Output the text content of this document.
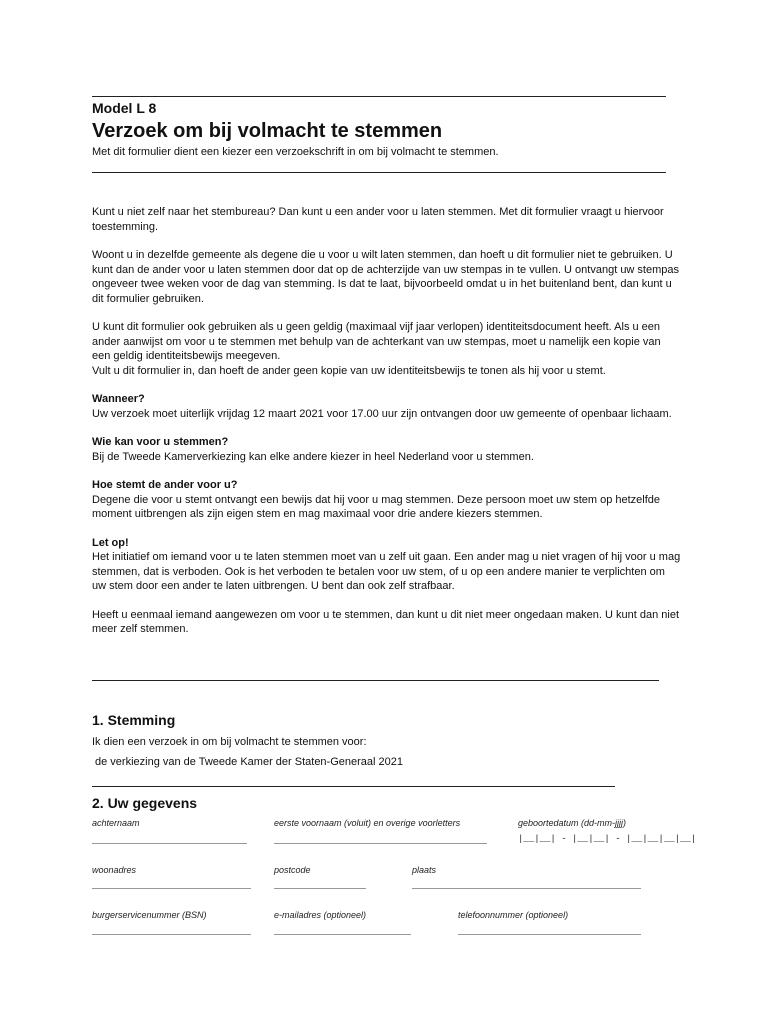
Model L 8
Verzoek om bij volmacht te stemmen
Met dit formulier dient een kiezer een verzoekschrift in om bij volmacht te stemmen.

Kunt u niet zelf naar het stembureau? Dan kunt u een ander voor u laten stemmen. Met dit formulier vraagt u hiervoor toestemming.

Woont u in dezelfde gemeente als degene die u voor u wilt laten stemmen, dan hoeft u dit formulier niet te gebruiken. U kunt dan de ander voor u laten stemmen door dat op de achterzijde van uw stempas in te vullen. U ontvangt uw stempas ongeveer twee weken voor de dag van stemming. Is dat te laat, bijvoorbeeld omdat u in het buitenland bent, dan kunt u dit formulier gebruiken.

U kunt dit formulier ook gebruiken als u geen geldig (maximaal vijf jaar verlopen) identiteitsdocument heeft. Als u een ander aanwijst om voor u te stemmen met behulp van de achterkant van uw stempas, moet u namelijk een kopie van een geldig identiteitsbewijs meegeven.
Vult u dit formulier in, dan hoeft de ander geen kopie van uw identiteitsbewijs te tonen als hij voor u stemt.
Wanneer?
Uw verzoek moet uiterlijk vrijdag 12 maart 2021 voor 17.00 uur zijn ontvangen door uw gemeente of openbaar lichaam.
Wie kan voor u stemmen?
Bij de Tweede Kamerverkiezing kan elke andere kiezer in heel Nederland voor u stemmen.
Hoe stemt de ander voor u?
Degene die voor u stemt ontvangt een bewijs dat hij voor u mag stemmen. Deze persoon moet uw stem op hetzelfde moment uitbrengen als zijn eigen stem en mag maximaal voor drie andere kiezers stemmen.
Let op!
Het initiatief om iemand voor u te laten stemmen moet van u zelf uit gaan. Een ander mag u niet vragen of hij voor u mag stemmen, dat is verboden. Ook is het verboden te betalen voor uw stem, of u op een andere manier te verplichten om uw stem door een ander te laten uitbrengen. U bent dan ook zelf strafbaar.

Heeft u eenmaal iemand aangewezen om voor u te stemmen, dan kunt u dit niet meer ongedaan maken. U kunt dan niet meer zelf stemmen.

1. Stemming
Ik dien een verzoek in om bij volmacht te stemmen voor:
de verkiezing van de Tweede Kamer der Staten-Generaal 2021
2. Uw gegevens
achternaam	eerste voornaam (voluit) en overige voorletters	geboortedatum (dd-mm-jjjj)
|__|__| - |__|__| - |__|__|__|__|
woonadres	postcode	plaats
burgerservicenummer (BSN)	e-mailadres (optioneel)	telefoonnummer (optioneel)
